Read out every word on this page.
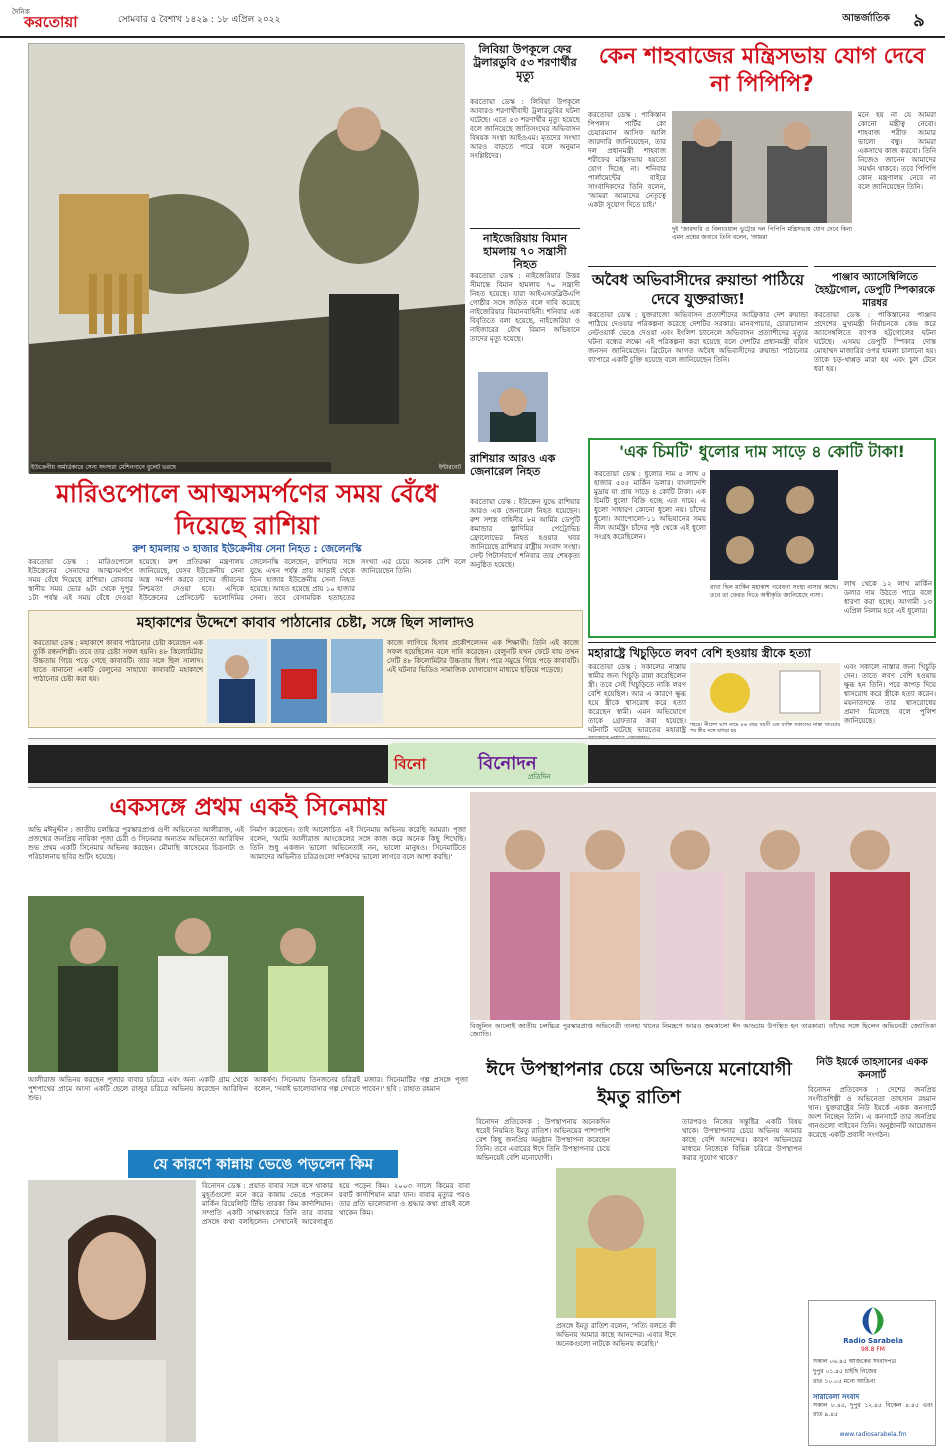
দৈনিক
করতোয়া	সোমবার ৫ বৈশাখ ১৪২৯ : ১৮ এপ্রিল ২০২২	আন্তর্জাতিক	৯
ইউক্রেনীয় অর্মার্ডকারে সেনা সদস্যরা মেশিনগানে বুলেট ভরছে	ইন্টারনেট
লিবিয়া উপকূলে ফের ট্রলারডুবি ৫৩ শরণার্থীর মৃত্যু
করতোয়া ডেস্ক : লিবিয়া উপকূলে আবারও শরণার্থীবাহী ট্রলারডুবির ঘটনা ঘটেছে। এতে ৫৩ শরণার্থীর মৃত্যু হয়েছে বলে জানিয়েছে জাতিসংঘের অভিবাসন বিষয়ক সংস্থা আইওএম। মৃতদের সংখ্যা আরও বাড়তে পারে বলে অনুমান সংশ্লিষ্টদের।
নাইজেরিয়ায় বিমান হামলায় ৭০ সন্ত্রাসী নিহত
করতোয়া ডেস্ক : নাইজেরিয়ার উত্তর সীমান্তে বিমান হামলায় ৭০ সন্ত্রাসী নিহত হয়েছে। যারা আইএসডব্লিউএপি গোষ্ঠীর সঙ্গে জড়িত বলে দাবি করেছে নাইজেরিয়ার বিমানবাহিনী। শনিবার এক বিবৃতিতে বলা হয়েছে, নাইজেরিয়া ও নাইজারের যৌথ বিমান অভিযানে তাদের মৃত্যু হয়েছে।
কেন শাহবাজের মন্ত্রিসভায় যোগ দেবে না পিপিপি?
করতোয়া ডেস্ক : পাকিস্তান পিপলস পার্টির কো চেয়ারম্যান আসিফ আলি জারদারি জানিয়েছেন, তার দল প্রধানমন্ত্রী শাহবাজ শরীফের মন্ত্রিসভায় হয়তো যোগ দিচ্ছে না। শনিবার পার্লামেন্টের বাইরে সাংবাদিকদের তিনি বলেন, 'আমরা আমাদের নেতৃত্বে একটা সুযোগ দিতে চাই।'
দুই 'জারদারি ও বিলাওয়াল ভুট্টোর দল পিপিপি মন্ত্রিসভায় যোগ দেবে কিনা এমন প্রশ্নের জবাবে তিনি বলেন, 'আমরা
মনে হয় না যে আমরা কোনো মন্ত্রীত্ব নেবো। শাহবাজ শরীফ আমার ভালো বন্ধু। আমরা একসাথে কাজ করবো। তিনি নিজেও জানেন আমাদের সমর্থন থাকবে। তবে পিপিপি কোন মন্ত্রণালয় নেবে না বলে জানিয়েছেন তিনি।
অবৈধ অভিবাসীদের রুয়ান্ডা পাঠিয়ে দেবে যুক্তরাজ্য!
করতোয়া ডেস্ক : যুক্তরাজ্যে অভিবাসন প্রত্যাশীদের আফ্রিকার দেশ রুয়ান্ডা পাঠিয়ে দেওয়ার পরিকল্পনা করেছে দেশটির সরকার। মানবপাচার, চোরাচালান নেটওয়ার্ক ভেঙে দেওয়া এবং ইংলিশ চ্যানেলে অভিবাসন প্রত্যাশীদের মৃত্যুর ঘটনা বন্ধের লক্ষ্যে এই পরিকল্পনা করা হয়েছে বলে দেশটির প্রধানমন্ত্রী বরিস জনসন জানিয়েছেন। ব্রিটেনে আগত অবৈধ অভিবাসীদের রুয়ান্ডা পাঠানোর ব্যাপারে একটি চুক্তি হয়েছে বলে জানিয়েছেন তিনি।
পাঞ্জাব অ্যাসেম্বিলিতে হৈহট্টগোল, ডেপুটি স্পিকারকে মারধর
করতোয়া ডেস্ক : পাকিস্তানের পাঞ্জাব প্রদেশের মুখ্যমন্ত্রী নির্বাচনকে কেন্দ্র করে অ্যাসেম্বলিতে ব্যাপক হট্টগোলের ঘটনা ঘটেছে। এসময় ডেপুটি স্পিকার দোস্ত মোহাম্মদ মাজারির ওপর হামলা চালানো হয়। তাকে চড়-থাপ্পড় মারা হয় এবং চুল টেনে ধরা হয়।
রাশিয়ার আরও এক জেনারেল নিহত
করতোয়া ডেস্ক : ইউক্রেন যুদ্ধে রাশিয়ার আরও এক জেনারেল নিহত হয়েছেন। রুশ সশস্ত্র বাহিনীর ৮ম আর্মির ডেপুটি কমান্ডার ভ্লাদিমির পেট্রোভিচ ফ্রোলোভের নিহত হওয়ার খবর জানিয়েছে রাশিয়ার রাষ্ট্রীয় সংবাদ সংস্থা। সেন্ট পিটার্সবার্গে শনিবার তার শেষকৃত্য অনুষ্ঠিত হয়েছে।
মারিওপোলে আত্মসমর্পণের সময় বেঁধে দিয়েছে রাশিয়া
রুশ হামলায় ৩ হাজার ইউক্রেনীয় সেনা নিহত : জেলেনস্কি
করতোয়া ডেস্ক : মারিওপোলে ইউক্রেনের সেনাদের আত্মসমর্পণে সময় বেঁধে দিয়েছে রাশিয়া। রোববার স্থানীয় সময় ভোর ৬টা থেকে দুপুর ১টা পর্যন্ত এই সময় বেঁধে দেওয়া হয়েছে। রুশ প্রতিরক্ষা মন্ত্রণালয় জানিয়েছে, যেসব ইউক্রেনীয় সেনা অস্ত্র সমর্পণ করবে তাদের জীবনের নিশ্চয়তা দেওয়া হবে। এদিকে ইউক্রেনের প্রেসিডেন্ট ভলোদিমির জেলেনস্কি বলেছেন, রাশিয়ার সঙ্গে যুদ্ধে এখন পর্যন্ত প্রায় আড়াই থেকে তিন হাজার ইউক্রেনীয় সেনা নিহত হয়েছে। আহত হয়েছে প্রায় ১০ হাজার সেনা। তবে বেসামরিক হতাহতের সংখ্যা এর চেয়ে অনেক বেশি বলে জানিয়েছেন তিনি।
'এক চিমটি' ধুলোর দাম সাড়ে ৪ কোটি টাকা!
করতোয়া ডেস্ক : ধুলোর দাম ৫ লাখ ৫ হাজার ৫৫৫ মার্কিন ডলার। বাংলাদেশি মুদ্রায় যা প্রায় সাড়ে ৪ কোটি টাকা। এক চিমটি ধুলো বিক্রি হচ্ছে এত দামে। এ ধুলো সাধারণ কোনো ধুলো নয়। চাঁদের ধুলো। অ্যাপোলো-১১ অভিযানের সময় নীল আর্মস্ট্রং চাঁদের পৃষ্ঠ থেকে এই ধুলো সংগ্রহ করেছিলেন।
রাখা ছিল মার্কিন মহাকাশ গবেষণা সংস্থা নাসার কাছে। তবে তা ফেরত দিতে অস্বীকৃতি জানিয়েছে নাসা।
লাখ থেকে ১২ লাখ মার্কিন ডলার দাম উঠতে পারে বলে ধারণা করা হচ্ছে। আগামী ১৩ এপ্রিল নিলাম হবে এই ধুলোর।
মহাকাশের উদ্দেশে কাবাব পাঠানোর চেষ্টা, সঙ্গে ছিল সালাদও
করতোয়া ডেস্ক : মহাকাশে কাবাব পাঠানোর চেষ্টা করেছেন এক তুর্কি রন্ধনশিল্পী। তবে তার চেষ্টা সফল হয়নি। ৪৮ কিলোমিটার উচ্চতায় গিয়ে পড়ে গেছে কাবাবটি। তার সঙ্গে ছিল সালাদ। হাতে বানানো একটি বেলুনের সাহায্যে কাবাবটি মহাকাশে পাঠানোর চেষ্টা করা হয়।
কাজে লাগিয়ে হিসাব প্রকৌশলেসন এক শিক্ষার্থী। তিনি এই কাজে সফল হয়েছিলেন বলে দাবি করেছেন। বেলুনটি যখন ফেটে যায় তখন সেটি ৪৮ কিলোমিটার উচ্চতায় ছিল। পরে সমুদ্রে গিয়ে পড়ে কাবাবটি। এই ঘটনার ভিডিও সামাজিক যোগাযোগ মাধ্যমে ছড়িয়ে পড়েছে।
মহারাষ্ট্রে খিচুড়িতে লবণ বেশি হওয়ায় স্ত্রীকে হত্যা
করতোয়া ডেস্ক : সকালের নাস্তায় স্বামীর জন্য খিচুড়ি রান্না করেছিলেন স্ত্রী। তবে সেই খিচুড়িতে নাকি লবণ বেশি হয়েছিল। আর এ কারণে ক্ষুব্ধ হয়ে স্ত্রীকে শ্বাসরোধ করে হত্যা করেছেন স্বামী। এমন অভিযোগে তাকে গ্রেফতার করা হয়েছে। ঘটনাটি ঘটেছে ভারতের মহারাষ্ট্র
শহরে। নীলেশ ঘাগ নামে ৪৬ বছর বয়সী এক ব্যক্তি সকালের নাস্তা খাওয়ার পর স্ত্রীর সঙ্গে ঝগড়া হয়
এবং সকালে নাস্তার জন্য খিচুড়ি দেন। তাতে লবণ বেশি হওয়ায় ক্ষুব্ধ হন তিনি। পরে কাপড় দিয়ে শ্বাসরোধ করে স্ত্রীকে হত্যা করেন। ময়নাতদন্তে তার শ্বাসরোধের প্রমাণ মিলেছে বলে পুলিশ জানিয়েছে।
বিনো	বিনোদন
প্রতিদিন
একসঙ্গে প্রথম একই সিনেমায়
অভি মঈনুদ্দীন : জাতীয় চলচ্চিত্র পুরস্কারপ্রাপ্ত গুণী অভিনেতা আলীরাজ, এই প্রজন্মের জনপ্রিয় নায়িকা পূজা চেরী ও সিনেমার অন্যতম অভিনেতা আরিফিন শুভ প্রথম একটি সিনেমায় অভিনয় করছেন। মৌমাছি কাসেমের চিত্রনাট্য ও পরিচালনায় ছবির শুটিং হয়েছে।
নির্মাণ করেছেন। তাই আলোচিত এই সিনেমায় অভিনয় করেছি আমরা। পূজা বলেন, 'আমি আলীরাজ আংকেলের সঙ্গে কাজ করে অনেক কিছু শিখেছি। তিনি শুধু একজন ভালো অভিনেতাই নন, ভালো মানুষও। সিনেমাটিতে আমাদের অভিনীত চরিত্রগুলো দর্শকদের ভালো লাগবে বলে আশা করছি।'
বিজুলিন আলোই জাতীয় চলচ্চিত্র পুরস্কারপ্রাপ্ত অভিনেত্রী তানহা খানের নিমন্ত্রণে আরও জমকালো ঈদ আড্ডায় উপস্থিত হন তারকারা। তাঁদের সঙ্গে ছিলেন অভিনেত্রী জ্যোতিকা জ্যোতি।
আলীরাজ অভিনয় করছেন পূজার বাবার চরিত্রে এবং অন্য একটি গ্রাম থেকে পুশপাথের প্রামে আসা একটি ছেলে রাজুর চরিত্রে অভিনয় করেছেন আরিফিন শুভ।
আকর্ষণ। সিনেমায় তিনজনের চরিত্রই মজার। সিনেমাটির গল্প প্রসঙ্গে পূজা বলেন, 'সবাই ভালোবাসার গল্প দেখতে পাবেন।' ছবি : রাহাত রহমান
ঈদে উপস্থাপনার চেয়ে অভিনয়ে মনোযোগী ইমতু রাতিশ
বিনোদন প্রতিবেদক : উপস্থাপনায় অনেকদিন ধরেই নিয়মিত ইমতু রাতিশ। অভিনয়ের পাশাপাশি বেশ কিছু জনপ্রিয় অনুষ্ঠান উপস্থাপনা করেছেন তিনি। তবে এবারের ঈদে তিনি উপস্থাপনার চেয়ে অভিনয়েই বেশি মনোযোগী।
প্রসঙ্গে ইমতু রাতিশ বলেন, 'সত্যি বলতে কী অভিনয় আমার কাছে আনন্দের। এবার ঈদে অনেকগুলো নাটকে অভিনয় করেছি।'
তারপরও নিজের সন্তুষ্টির একটি বিষয় থাকে। উপস্থাপনার চেয়ে অভিনয় আমার কাছে বেশি আনন্দের। কারণ অভিনয়ের মাধ্যমে নিজেকে বিভিন্ন চরিত্রে উপস্থাপন করার সুযোগ থাকে।'
নিউ ইয়র্কে তাহসানের একক কনসার্ট
বিনোদন প্রতিবেদক : দেশের জনপ্রিয় সংগীতশিল্পী ও অভিনেতা তাহসান রহমান খান। যুক্তরাষ্ট্রের নিউ ইয়র্কে একক কনসার্টে অংশ নিচ্ছেন তিনি। এ কনসার্টে তার জনপ্রিয় গানগুলো গাইবেন তিনি। অনুষ্ঠানটি আয়োজন করেছে একটি প্রবাসী সংগঠন।
Radio Sarabela
98.8 FM
সকাল ০৬.৪৫ আজকের সংবাদপত্র
দুপুর ০১.৪৫ চাইছি নিজের
রাত ১০.০৫ মনো আঙিনা
সারাবেলা সংবাদ
সকাল ৮.৪৫, দুপুর ১২.৪৫ বিকেল ৪.৪৫ এবং রাত ৯.৪৫
www.radiosarabela.fm
যে কারণে কান্নায় ভেঙে পড়লেন কিম
বিনোদন ডেস্ক : প্রয়াত বাবার সঙ্গে বসে থাকার মুহূর্তগুলো মনে করে কান্নায় ভেঙে পড়লেন মার্কিন রিয়েলিটি টিভি তারকা কিম কার্দাশিয়ান। সম্প্রতি একটি সাক্ষাৎকারে তিনি তার বাবার প্রসঙ্গে কথা বলছিলেন। সেখানেই আবেগাপ্লুত হয়ে পড়েন কিম। ২০০৩ সালে কিমের বাবা রবার্ট কার্দাশিয়ান মারা যান। বাবার মৃত্যুর পরও তার প্রতি ভালোবাসা ও শ্রদ্ধার কথা প্রায়ই বলে থাকেন কিম।
